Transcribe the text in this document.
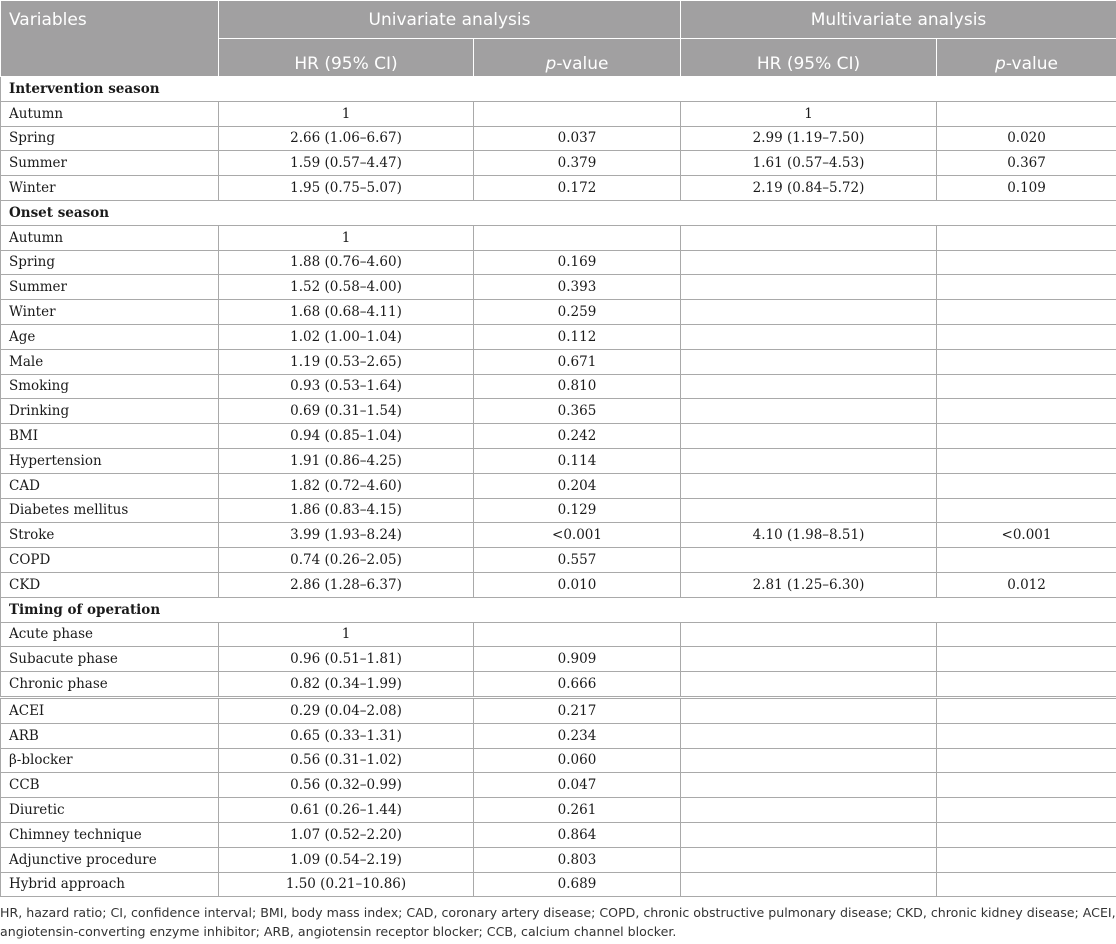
Variables	Univariate analysis		Multivariate analysis	
	HR (95% CI)	p-value	HR (95% CI)	p-value
Intervention season				
Autumn	1		1	
Spring	2.66 (1.06–6.67)	0.037	2.99 (1.19–7.50)	0.020
Summer	1.59 (0.57–4.47)	0.379	1.61 (0.57–4.53)	0.367
Winter	1.95 (0.75–5.07)	0.172	2.19 (0.84–5.72)	0.109
Onset season				
Autumn	1			
Spring	1.88 (0.76–4.60)	0.169		
Summer	1.52 (0.58–4.00)	0.393		
Winter	1.68 (0.68–4.11)	0.259		
Age	1.02 (1.00–1.04)	0.112		
Male	1.19 (0.53–2.65)	0.671		
Smoking	0.93 (0.53–1.64)	0.810		
Drinking	0.69 (0.31–1.54)	0.365		
BMI	0.94 (0.85–1.04)	0.242		
Hypertension	1.91 (0.86–4.25)	0.114		
CAD	1.82 (0.72–4.60)	0.204		
Diabetes mellitus	1.86 (0.83–4.15)	0.129		
Stroke	3.99 (1.93–8.24)	<0.001	4.10 (1.98–8.51)	<0.001
COPD	0.74 (0.26–2.05)	0.557		
CKD	2.86 (1.28–6.37)	0.010	2.81 (1.25–6.30)	0.012
Timing of operation				
Acute phase	1			
Subacute phase	0.96 (0.51–1.81)	0.909		
Chronic phase	0.82 (0.34–1.99)	0.666		
ACEI	0.29 (0.04–2.08)	0.217		
ARB	0.65 (0.33–1.31)	0.234		
β-blocker	0.56 (0.31–1.02)	0.060		
CCB	0.56 (0.32–0.99)	0.047		
Diuretic	0.61 (0.26–1.44)	0.261		
Chimney technique	1.07 (0.52–2.20)	0.864		
Adjunctive procedure	1.09 (0.54–2.19)	0.803		
Hybrid approach	1.50 (0.21–10.86)	0.689		

HR, hazard ratio; CI, confidence interval; BMI, body mass index; CAD, coronary artery disease; COPD, chronic obstructive pulmonary disease; CKD, chronic kidney disease; ACEI, angiotensin-converting enzyme inhibitor; ARB, angiotensin receptor blocker; CCB, calcium channel blocker.
